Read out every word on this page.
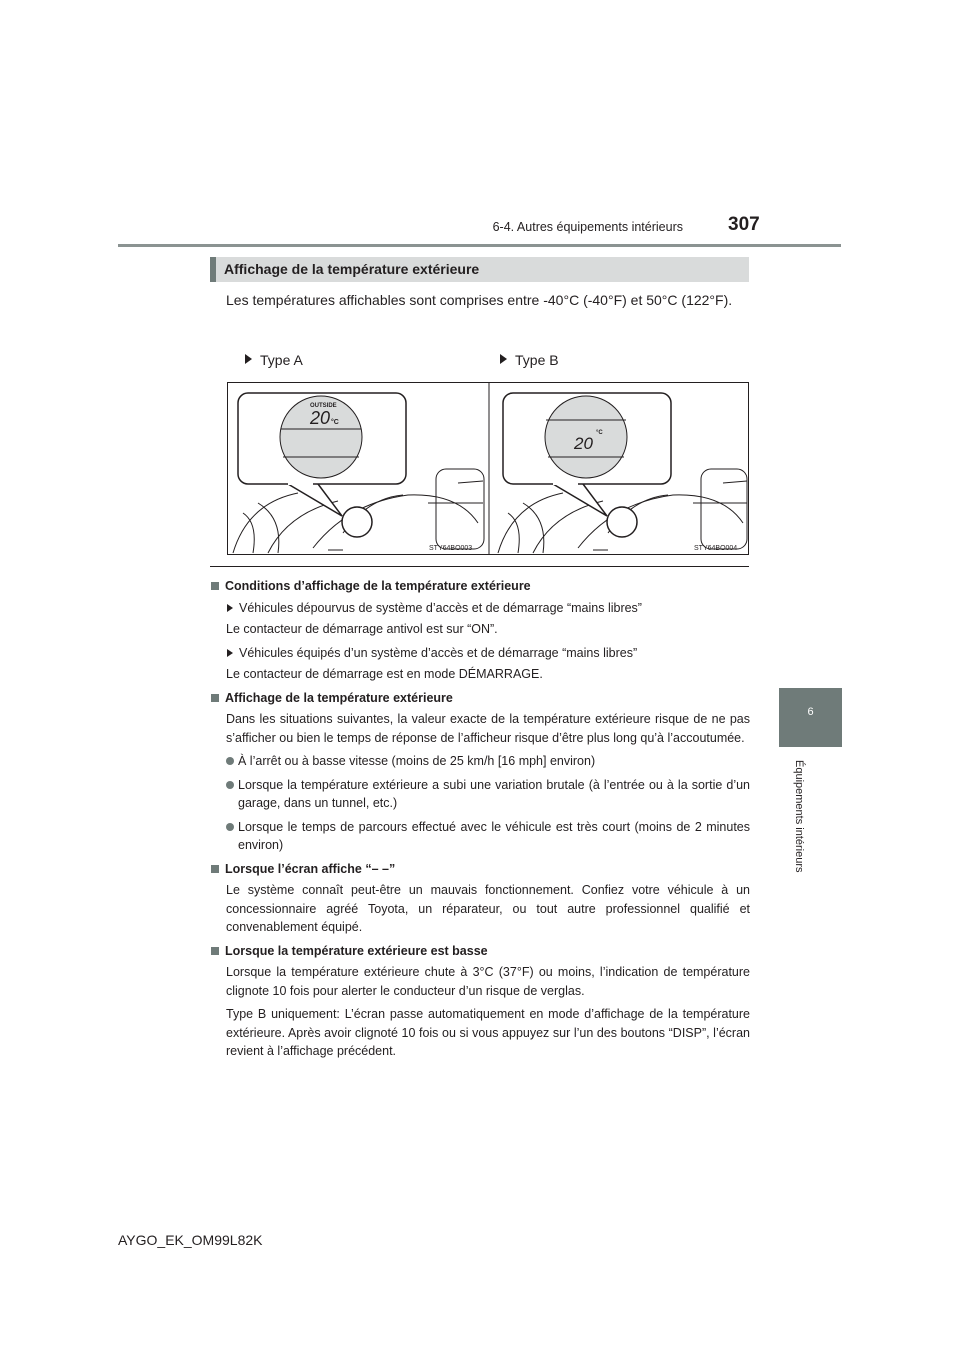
6-4. Autres équipements intérieurs 307
6
Équipements intérieurs
Affichage de la température extérieure
Les températures affichables sont comprises entre -40°C (-40°F) et 50°C (122°F).
Type A	Type B
OUTSIDE
20 °C
STY64BO003
°C
20
STY64BO004

Conditions d’affichage de la température extérieure

Véhicules dépourvus de système d’accès et de démarrage “mains libres”

Le contacteur de démarrage antivol est sur “ON”.

Véhicules équipés d’un système d’accès et de démarrage “mains libres”

Le contacteur de démarrage est en mode DÉMARRAGE.

Affichage de la température extérieure

Dans les situations suivantes, la valeur exacte de la température extérieure risque de ne pas s’afficher ou bien le temps de réponse de l’afficheur risque d’être plus long qu’à l’accoutumée.

À l’arrêt ou à basse vitesse (moins de 25 km/h [16 mph] environ)

Lorsque la température extérieure a subi une variation brutale (à l’entrée ou à la sortie d’un garage, dans un tunnel, etc.)

Lorsque le temps de parcours effectué avec le véhicule est très court (moins de 2 minutes environ)

Lorsque l’écran affiche “– –”

Le système connaît peut-être un mauvais fonctionnement. Confiez votre véhicule à un concessionnaire agréé Toyota, un réparateur, ou tout autre professionnel qualifié et convenablement équipé.

Lorsque la température extérieure est basse

Lorsque la température extérieure chute à 3°C (37°F) ou moins, l’indication de température clignote 10 fois pour alerter le conducteur d’un risque de verglas.

Type B uniquement: L’écran passe automatiquement en mode d’affichage de la température extérieure. Après avoir clignoté 10 fois ou si vous appuyez sur l’un des boutons “DISP”, l’écran revient à l’affichage précédent.

AYGO_EK_OM99L82K
